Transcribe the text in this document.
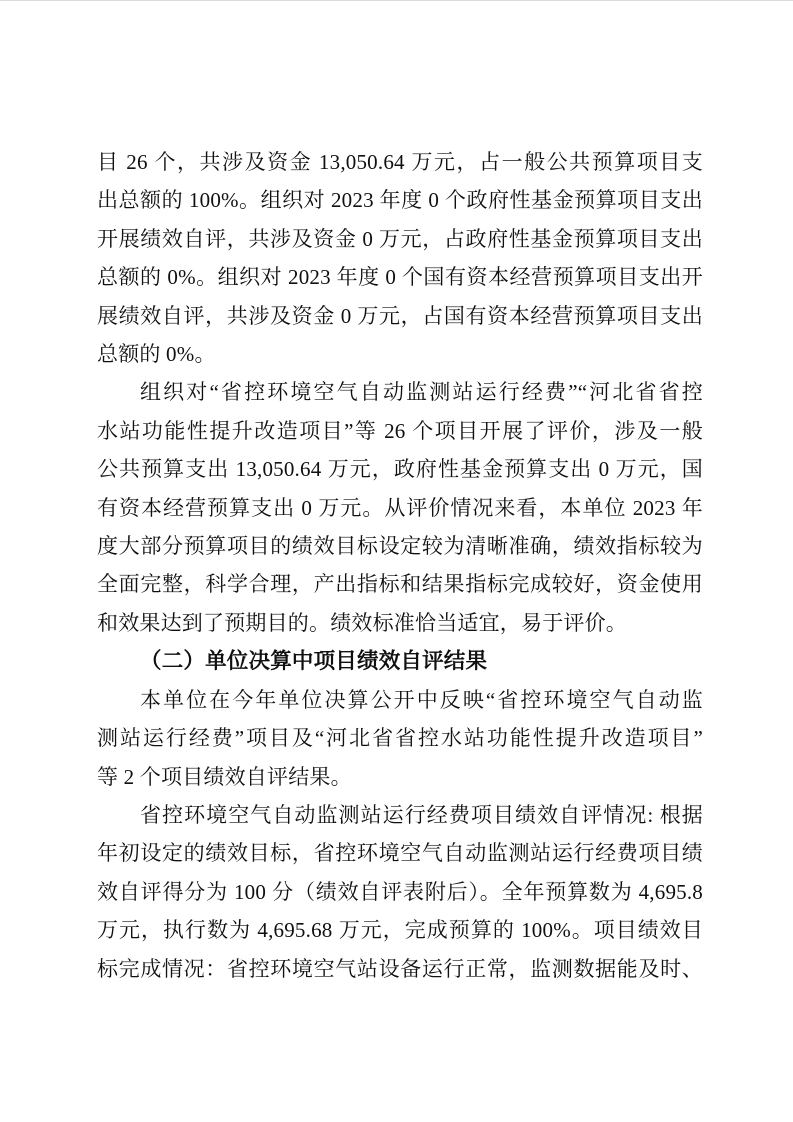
目 26 个，共涉及资金 13,050.64 万元，占一般公共预算项目支
出总额的 100%。组织对 2023 年度 0 个政府性基金预算项目支出
开展绩效自评，共涉及资金 0 万元，占政府性基金预算项目支出
总额的 0%。组织对 2023 年度 0 个国有资本经营预算项目支出开
展绩效自评，共涉及资金 0 万元，占国有资本经营预算项目支出
总额的 0%。
组织对“省控环境空气自动监测站运行经费”“河北省省控
水站功能性提升改造项目”等 26 个项目开展了评价，涉及一般
公共预算支出 13,050.64 万元，政府性基金预算支出 0 万元，国
有资本经营预算支出 0 万元。从评价情况来看，本单位 2023 年
度大部分预算项目的绩效目标设定较为清晰准确，绩效指标较为
全面完整，科学合理，产出指标和结果指标完成较好，资金使用
和效果达到了预期目的。绩效标准恰当适宜，易于评价。
（二）单位决算中项目绩效自评结果
本单位在今年单位决算公开中反映“省控环境空气自动监
测站运行经费”项目及“河北省省控水站功能性提升改造项目”
等 2 个项目绩效自评结果。
省控环境空气自动监测站运行经费项目绩效自评情况: 根据
年初设定的绩效目标，省控环境空气自动监测站运行经费项目绩
效自评得分为 100 分（绩效自评表附后）。全年预算数为 4,695.8
万元，执行数为 4,695.68 万元，完成预算的 100%。项目绩效目
标完成情况：省控环境空气站设备运行正常，监测数据能及时、
